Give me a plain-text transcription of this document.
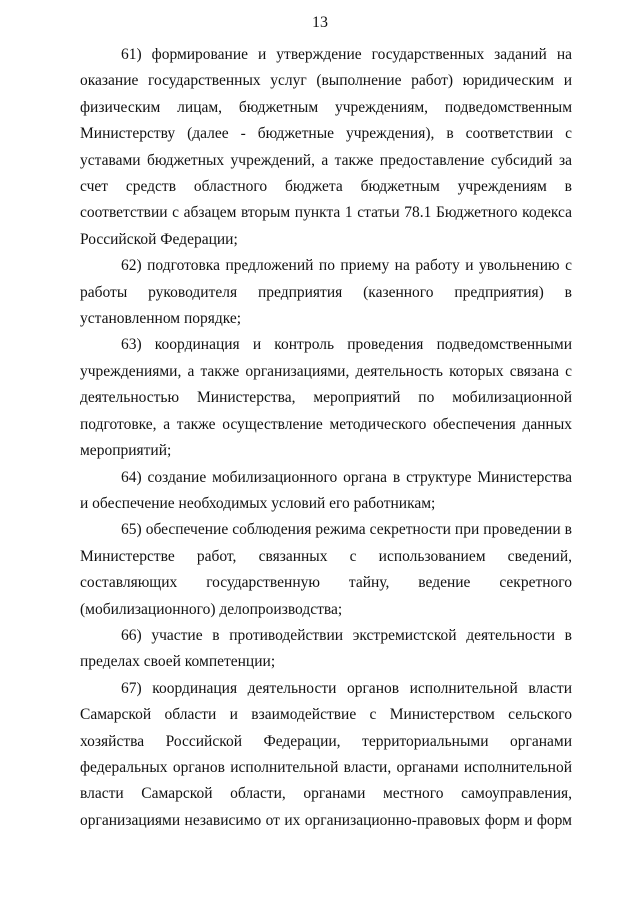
13

61) формирование и утверждение государственных заданий на оказание государственных услуг (выполнение работ) юридическим и физическим лицам, бюджетным учреждениям, подведомственным Министерству (далее - бюджетные учреждения), в соответствии с уставами бюджетных учреждений, а также предоставление субсидий за счет средств областного бюджета бюджетным учреждениям в соответствии с абзацем вторым пункта 1 статьи 78.1 Бюджетного кодекса Российской Федерации;

62) подготовка предложений по приему на работу и увольнению с работы руководителя предприятия (казенного предприятия) в установленном порядке;

63) координация и контроль проведения подведомственными учреждениями, а также организациями, деятельность которых связана с деятельностью Министерства, мероприятий по мобилизационной подготовке, а также осуществление методического обеспечения данных мероприятий;

64) создание мобилизационного органа в структуре Министерства и обеспечение необходимых условий его работникам;

65) обеспечение соблюдения режима секретности при проведении в Министерстве работ, связанных с использованием сведений, составляющих государственную тайну, ведение секретного (мобилизационного) делопроизводства;

66) участие в противодействии экстремистской деятельности в пределах своей компетенции;

67) координация деятельности органов исполнительной власти Самарской области и взаимодействие с Министерством сельского хозяйства Российской Федерации, территориальными органами федеральных органов исполнительной власти, органами исполнительной власти Самарской области, органами местного самоуправления, организациями независимо от их организационно-правовых форм и форм
